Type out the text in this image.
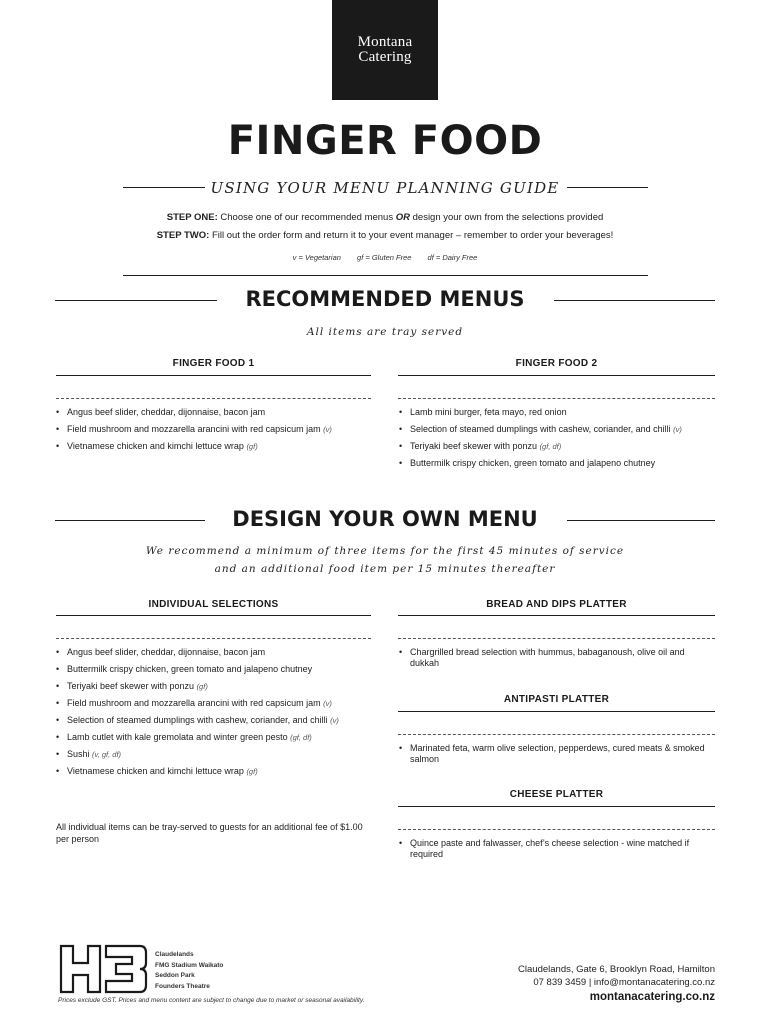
Montana
Catering
FINGER FOOD
USING YOUR MENU PLANNING GUIDE
STEP ONE: Choose one of our recommended menus OR design your own from the selections provided
STEP TWO: Fill out the order form and return it to your event manager – remember to order your beverages!
v = Vegetarian gf = Gluten Free df = Dairy Free
RECOMMENDED MENUS
All items are tray served
FINGER FOOD 1
• Angus beef slider, cheddar, dijonnaise, bacon jam
• Field mushroom and mozzarella arancini with red capsicum jam (v)
• Vietnamese chicken and kimchi lettuce wrap (gf)
FINGER FOOD 2
• Lamb mini burger, feta mayo, red onion
• Selection of steamed dumplings with cashew, coriander, and chilli (v)
• Teriyaki beef skewer with ponzu (gf, df)
• Buttermilk crispy chicken, green tomato and jalapeno chutney
DESIGN YOUR OWN MENU
We recommend a minimum of three items for the first 45 minutes of service
and an additional food item per 15 minutes thereafter
INDIVIDUAL SELECTIONS
• Angus beef slider, cheddar, dijonnaise, bacon jam
• Buttermilk crispy chicken, green tomato and jalapeno chutney
• Teriyaki beef skewer with ponzu (gf)
• Field mushroom and mozzarella arancini with red capsicum jam (v)
• Selection of steamed dumplings with cashew, coriander, and chilli (v)
• Lamb cutlet with kale gremolata and winter green pesto (gf, df)
• Sushi (v, gf, df)
• Vietnamese chicken and kimchi lettuce wrap (gf)
All individual items can be tray-served to guests for an additional fee of $1.00 per person
BREAD AND DIPS PLATTER
• Chargrilled bread selection with hummus, babaganoush, olive oil and dukkah
ANTIPASTI PLATTER
• Marinated feta, warm olive selection, pepperdews, cured meats & smoked salmon
CHEESE PLATTER
• Quince paste and falwasser, chef’s cheese selection - wine matched if required
Claudelands
FMG Stadium Waikato
Seddon Park
Founders Theatre
Prices exclude GST. Prices and menu content are subject to change due to market or seasonal availability.
Claudelands, Gate 6, Brooklyn Road, Hamilton
07 839 3459 | info@montanacatering.co.nz
montanacatering.co.nz
